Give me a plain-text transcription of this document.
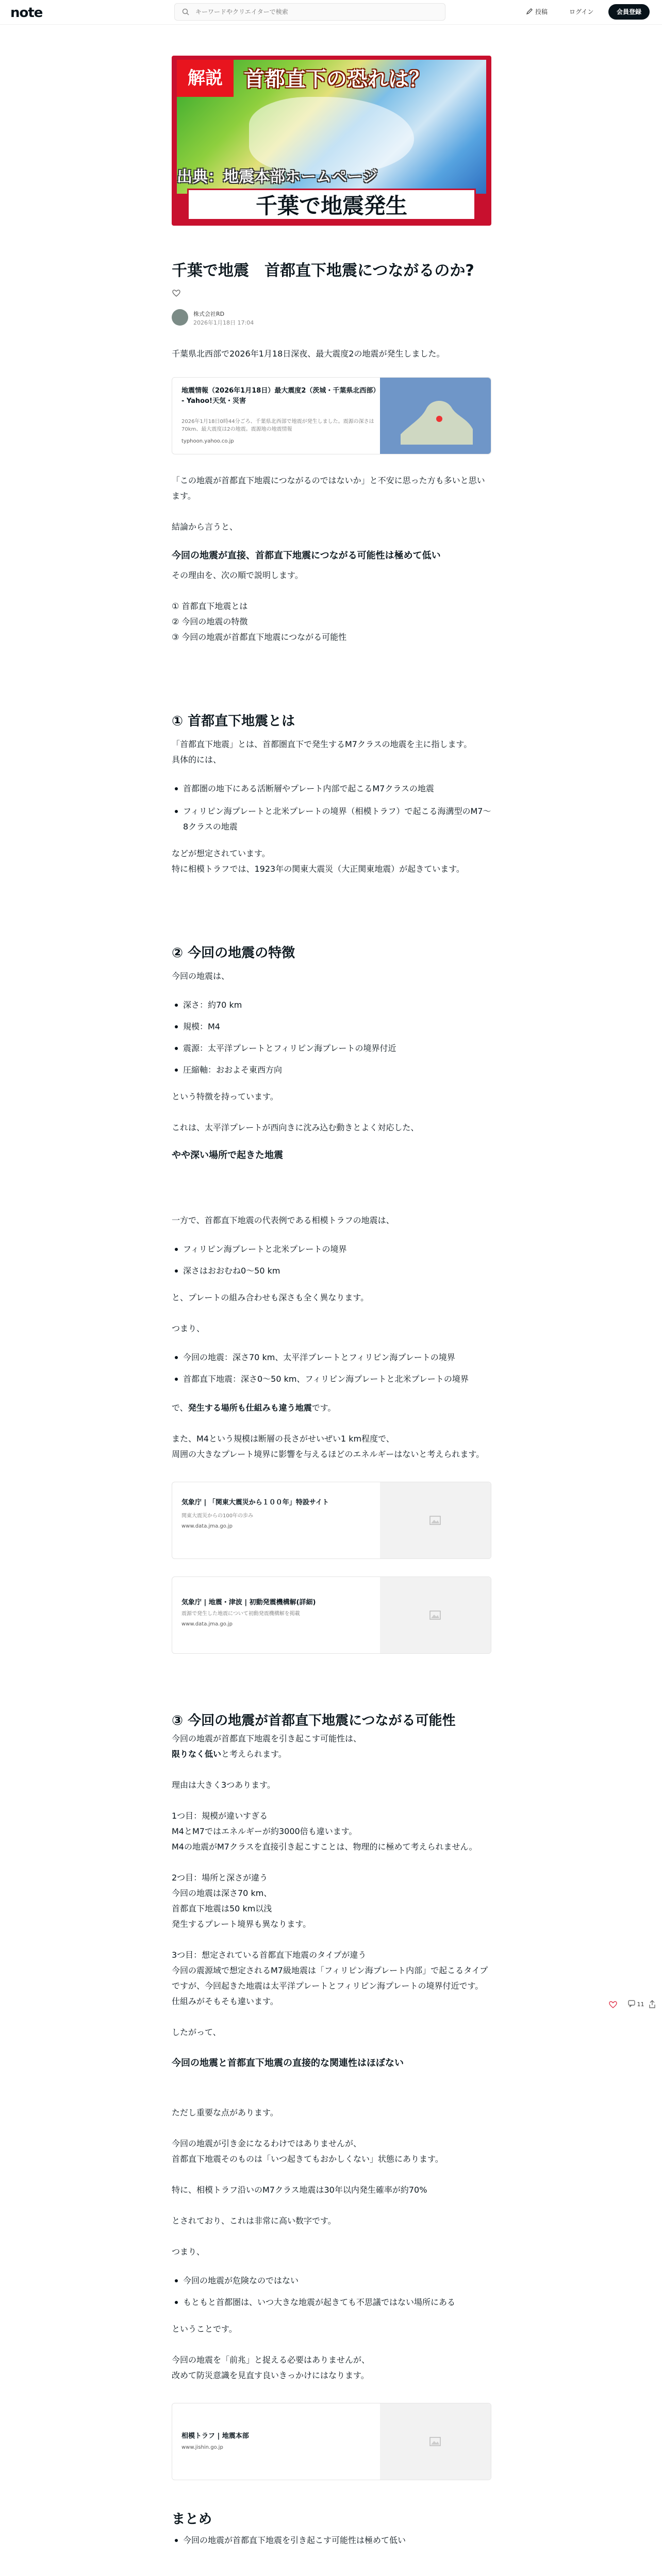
note
キーワードやクリエイターで検索	投稿	ログイン	会員登録
解説	首都直下の恐れは？
出典：地震本部ホームページ
千葉で地震発生
千葉で地震　首都直下地震につながるのか?
株式会社RD
2026年1月18日 17:04

千葉県北西部で2026年1月18日深夜、最大震度2の地震が発生しました。

地震情報（2026年1月18日）最大震度2（茨城・千葉県北西部） - Yahoo!天気・災害
2026年1月18日0時44分ごろ、千葉県北西部で地震が発生しました。震源の深さは70km、最大震度は2の地震。震源地の地震情報
typhoon.yahoo.co.jp

「この地震が首都直下地震につながるのではないか」と不安に思った方も多いと思います。

結論から言うと、

今回の地震が直接、首都直下地震につながる可能性は極めて低い

その理由を、次の順で説明します。

① 首都直下地震とは

② 今回の地震の特徴

③ 今回の地震が首都直下地震につながる可能性

① 首都直下地震とは

「首都直下地震」とは、首都圏直下で発生するM7クラスの地震を主に指します。

具体的には、

首都圏の地下にある活断層やプレート内部で起こるM7クラスの地震
フィリピン海プレートと北米プレートの境界（相模トラフ）で起こる海溝型のM7〜8クラスの地震

などが想定されています。

特に相模トラフでは、1923年の関東大震災（大正関東地震）が起きています。

② 今回の地震の特徴

今回の地震は、

深さ：約70 km
規模：M4
震源：太平洋プレートとフィリピン海プレートの境界付近
圧縮軸：おおよそ東西方向

という特徴を持っています。

これは、太平洋プレートが西向きに沈み込む動きとよく対応した、

やや深い場所で起きた地震

一方で、首都直下地震の代表例である相模トラフの地震は、

フィリピン海プレートと北米プレートの境界
深さはおおむね0〜50 km

と、プレートの組み合わせも深さも全く異なります。

つまり、

今回の地震：深さ70 km、太平洋プレートとフィリピン海プレートの境界
首都直下地震：深さ0〜50 km、フィリピン海プレートと北米プレートの境界

で、発生する場所も仕組みも違う地震です。

また、M4という規模は断層の長さがせいぜい1 km程度で、

周囲の大きなプレート境界に影響を与えるほどのエネルギーはないと考えられます。

気象庁 | 「関東大震災から１００年」特設サイト
関東大震災からの100年の歩み
www.data.jma.go.jp
気象庁 | 地震・津波 | 初動発震機構解(詳細)
震源で発生した地震について初動発震機構解を掲載
www.data.jma.go.jp
③ 今回の地震が首都直下地震につながる可能性

今回の地震が首都直下地震を引き起こす可能性は、

限りなく低いと考えられます。

理由は大きく3つあります。

1つ目：規模が違いすぎる

M4とM7ではエネルギーが約3000倍も違います。

M4の地震がM7クラスを直接引き起こすことは、物理的に極めて考えられません。

2つ目：場所と深さが違う

今回の地震は深さ70 km、

首都直下地震は50 km以浅

発生するプレート境界も異なります。

3つ目：想定されている首都直下地震のタイプが違う

今回の震源域で想定されるM7級地震は「フィリピン海プレート内部」で起こるタイプですが、今回起きた地震は太平洋プレートとフィリピン海プレートの境界付近です。

仕組みがそもそも違います。

したがって、

今回の地震と首都直下地震の直接的な関連性はほぼない

ただし重要な点があります。

今回の地震が引き金になるわけではありませんが、

首都直下地震そのものは「いつ起きてもおかしくない」状態にあります。

特に、相模トラフ沿いのM7クラス地震は30年以内発生確率が約70%

とされており、これは非常に高い数字です。

つまり、

今回の地震が危険なのではない
もともと首都圏は、いつ大きな地震が起きても不思議ではない場所にある

ということです。

今回の地震を「前兆」と捉える必要はありませんが、

改めて防災意識を見直す良いきっかけにはなります。

相模トラフ | 地震本部
www.jishin.go.jp
まとめ
今回の地震が首都直下地震を引き起こす可能性は極めて低い
11
